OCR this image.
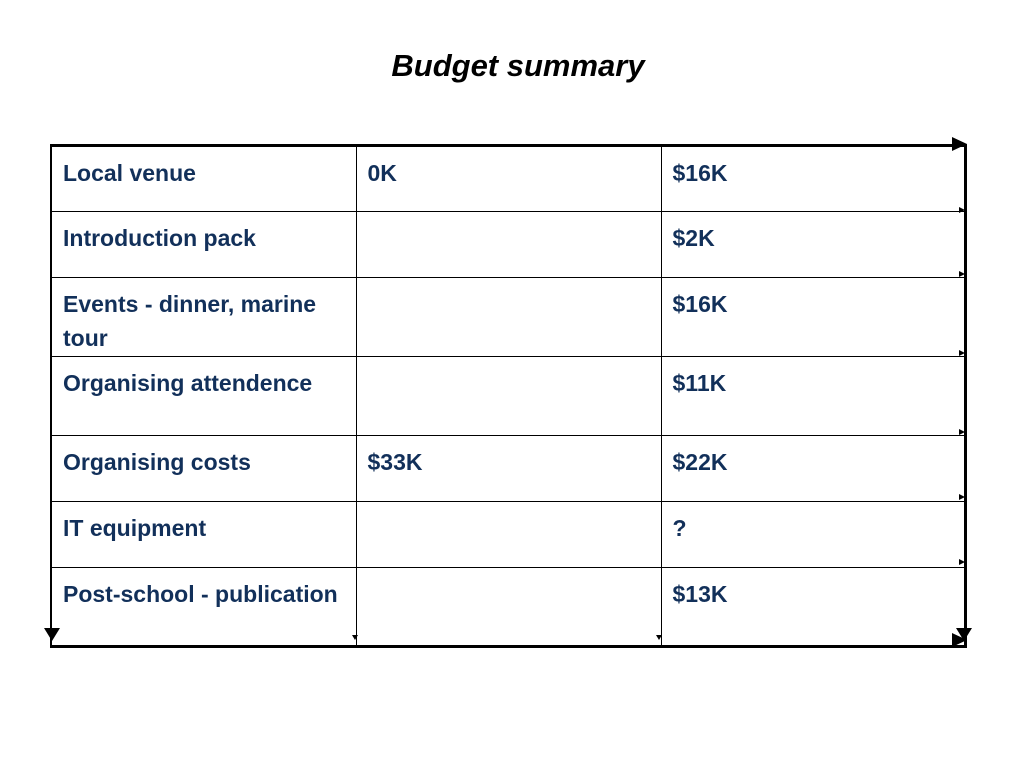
Budget summary
Local venue	0K	$16K
Introduction pack		$2K
Events - dinner, marine tour		$16K
Organising attendence		$11K
Organising costs	$33K	$22K
IT equipment		?
Post-school - publication		$13K
